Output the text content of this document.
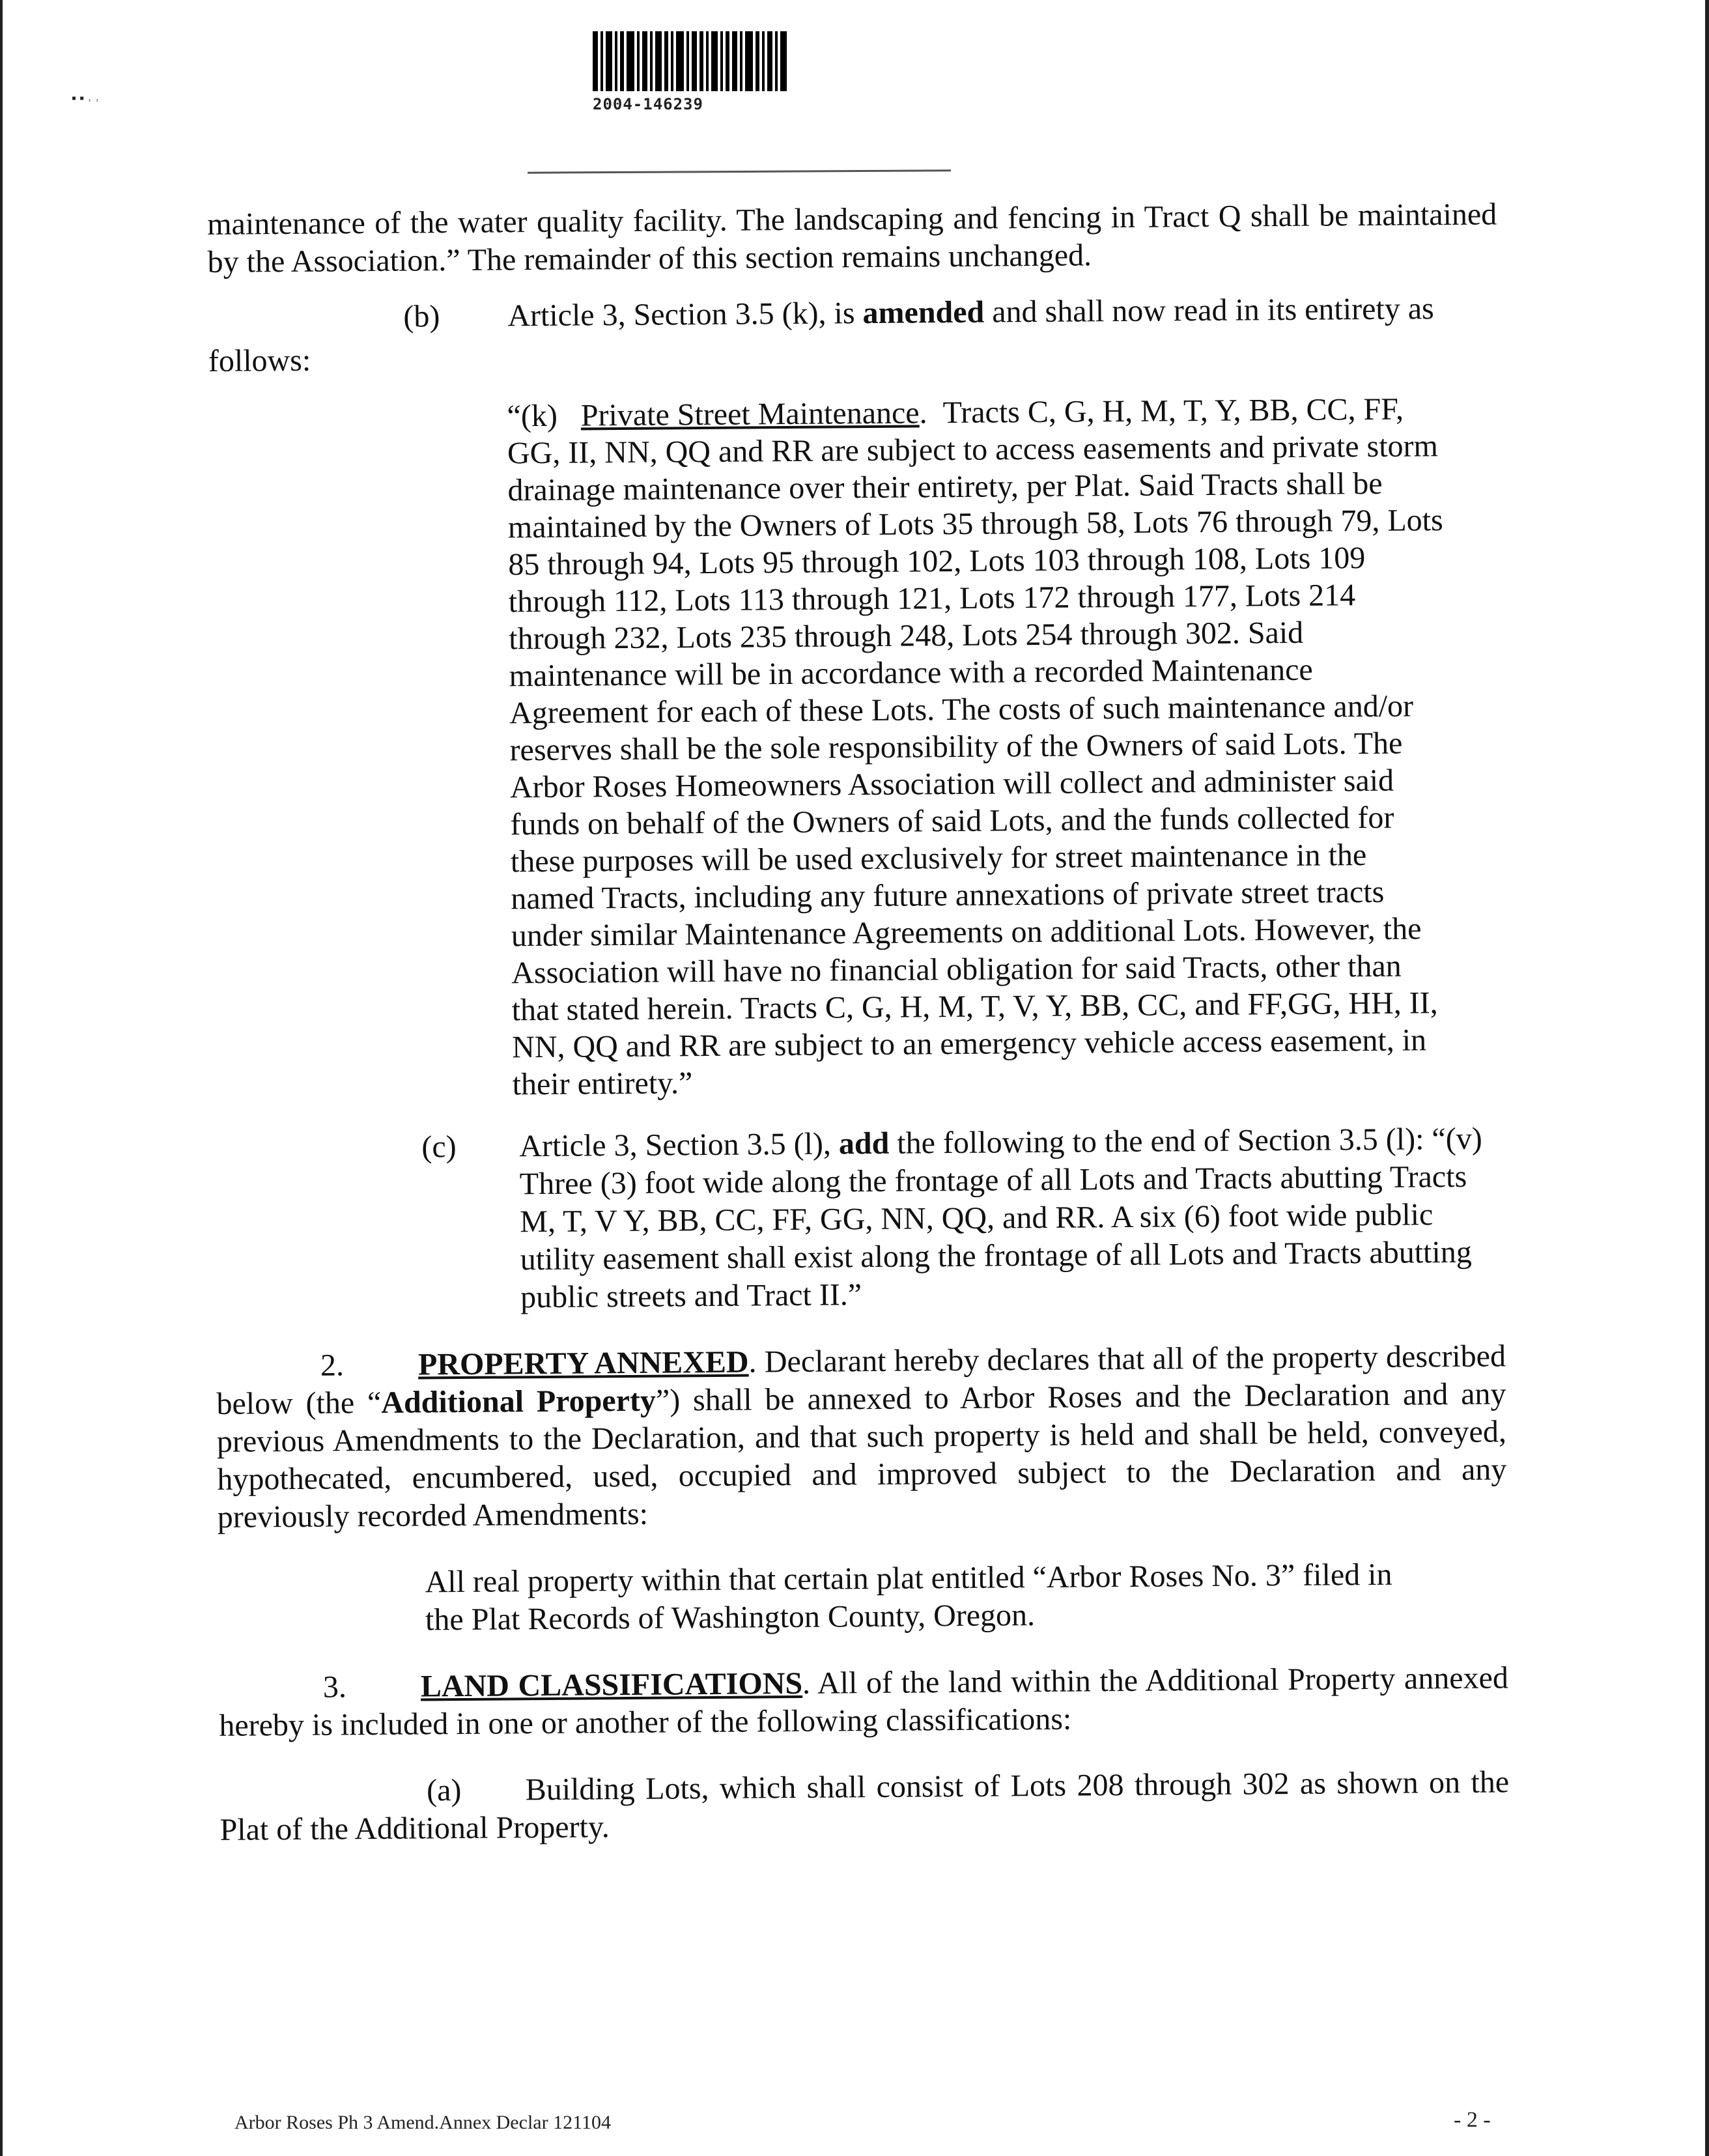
▪ ▪ ˒ ˒	2004-146239

maintenance of the water quality facility. The landscaping and fencing in Tract Q shall be maintained by the Association.” The remainder of this section remains unchanged.

(b)	Article 3, Section 3.5 (k), is amended and shall now read in its entirety as

follows:

“(k) Private Street Maintenance. Tracts C, G, H, M, T, Y, BB, CC, FF, GG, II, NN, QQ and RR are subject to access easements and private storm drainage maintenance over their entirety, per Plat. Said Tracts shall be maintained by the Owners of Lots 35 through 58, Lots 76 through 79, Lots 85 through 94, Lots 95 through 102, Lots 103 through 108, Lots 109 through 112, Lots 113 through 121, Lots 172 through 177, Lots 214 through 232, Lots 235 through 248, Lots 254 through 302. Said maintenance will be in accordance with a recorded Maintenance Agreement for each of these Lots. The costs of such maintenance and/or reserves shall be the sole responsibility of the Owners of said Lots. The Arbor Roses Homeowners Association will collect and administer said funds on behalf of the Owners of said Lots, and the funds collected for these purposes will be used exclusively for street maintenance in the named Tracts, including any future annexations of private street tracts under similar Maintenance Agreements on additional Lots. However, the Association will have no financial obligation for said Tracts, other than that stated herein. Tracts C, G, H, M, T, V, Y, BB, CC, and FF,GG, HH, II, NN, QQ and RR are subject to an emergency vehicle access easement, in their entirety.”

(c)	Article 3, Section 3.5 (l), add the following to the end of Section 3.5 (l): “(v) Three (3) foot wide along the frontage of all Lots and Tracts abutting Tracts M, T, V Y, BB, CC, FF, GG, NN, QQ, and RR. A six (6) foot wide public utility easement shall exist along the frontage of all Lots and Tracts abutting public streets and Tract II.”

2. PROPERTY ANNEXED. Declarant hereby declares that all of the property described below (the “Additional Property”) shall be annexed to Arbor Roses and the Declaration and any previous Amendments to the Declaration, and that such property is held and shall be held, conveyed, hypothecated, encumbered, used, occupied and improved subject to the Declaration and any previously recorded Amendments:

All real property within that certain plat entitled “Arbor Roses No. 3” filed in the Plat Records of Washington County, Oregon.

3. LAND CLASSIFICATIONS. All of the land within the Additional Property annexed hereby is included in one or another of the following classifications:

(a) Building Lots, which shall consist of Lots 208 through 302 as shown on the Plat of the Additional Property.

Arbor Roses Ph 3 Amend.Annex Declar 121104	- 2 -
